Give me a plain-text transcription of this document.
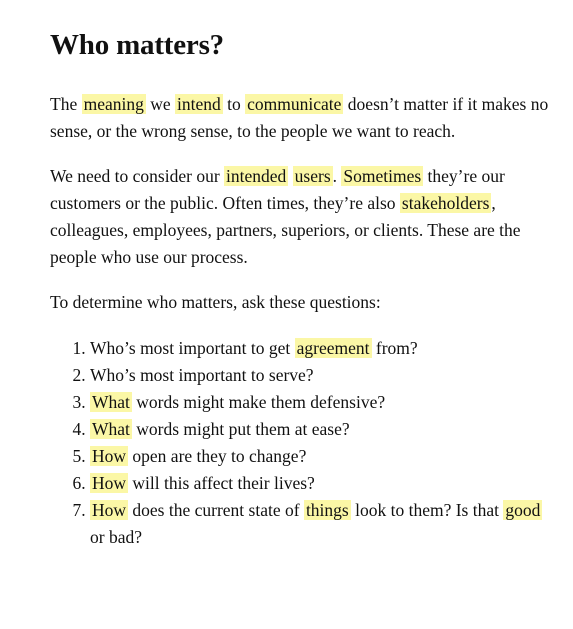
Who matters?

The meaning we intend to communicate doesn’t matter if it makes no sense, or the wrong sense, to the people we want to reach.

We need to consider our intended users . Sometimes they’re our customers or the public. Often times, they’re also stakeholders , colleagues, employees, partners, superiors, or clients. These are the people who use our process.

To determine who matters, ask these questions:

1. Who’s most important to get agreement from?
2. Who’s most important to serve?
3. What words might make them defensive?
4. What words might put them at ease?
5. How open are they to change?
6. How will this affect their lives?
7. How does the current state of things look to them? Is that good or bad?
